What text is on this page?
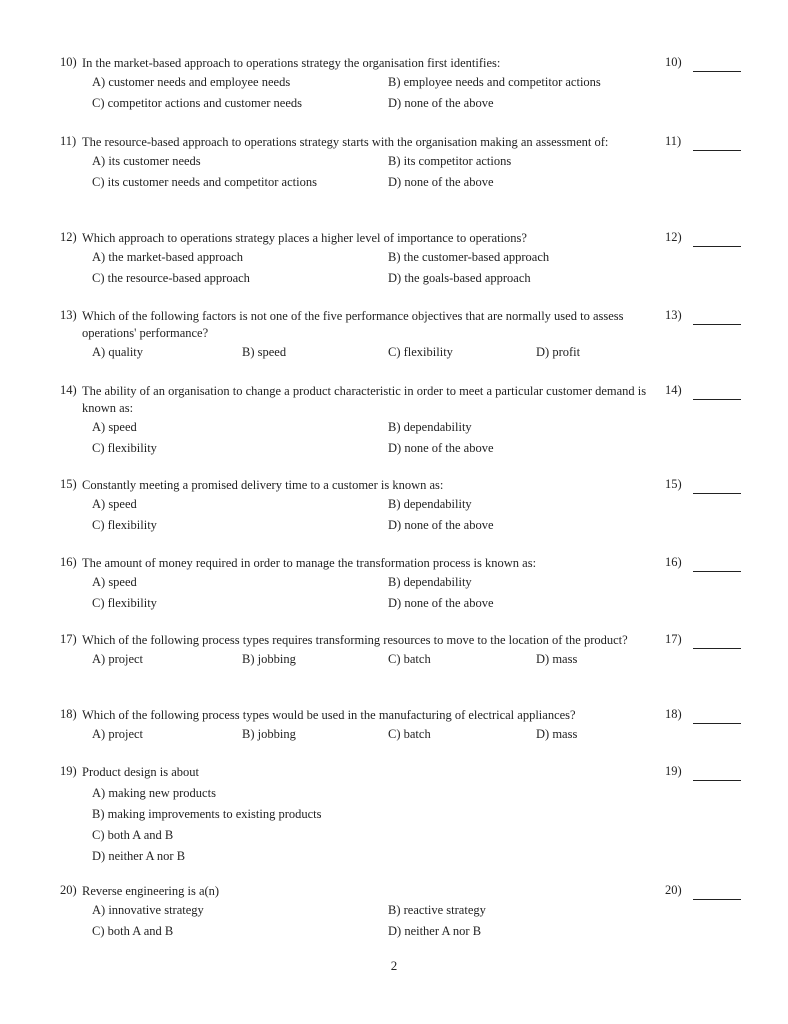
10) In the market-based approach to operations strategy the organisation first identifies:	10)
A) customer needs and employee needs	B) employee needs and competitor actions
C) competitor actions and customer needs	D) none of the above
11) The resource-based approach to operations strategy starts with the organisation making an assessment of:	11)
A) its customer needs	B) its competitor actions
C) its customer needs and competitor actions	D) none of the above
12) Which approach to operations strategy places a higher level of importance to operations?	12)
A) the market-based approach	B) the customer-based approach
C) the resource-based approach	D) the goals-based approach
13) Which of the following factors is not one of the five performance objectives that are normally used to assess operations' performance?
13)
A) quality	B) speed	C) flexibility	D) profit
14) The ability of an organisation to change a product characteristic in order to meet a particular customer demand is known as:
14)
A) speed	B) dependability
C) flexibility	D) none of the above
15) Constantly meeting a promised delivery time to a customer is known as:	15)
A) speed	B) dependability
C) flexibility	D) none of the above
16) The amount of money required in order to manage the transformation process is known as:	16)
A) speed	B) dependability
C) flexibility	D) none of the above
17) Which of the following process types requires transforming resources to move to the location of the product?	17)
A) project	B) jobbing	C) batch	D) mass
18) Which of the following process types would be used in the manufacturing of electrical appliances?	18)
A) project	B) jobbing	C) batch	D) mass
19) Product design is about	19)
A) making new products
B) making improvements to existing products
C) both A and B
D) neither A nor B
20) Reverse engineering is a(n)	20)
A) innovative strategy	B) reactive strategy
C) both A and B	D) neither A nor B
2
